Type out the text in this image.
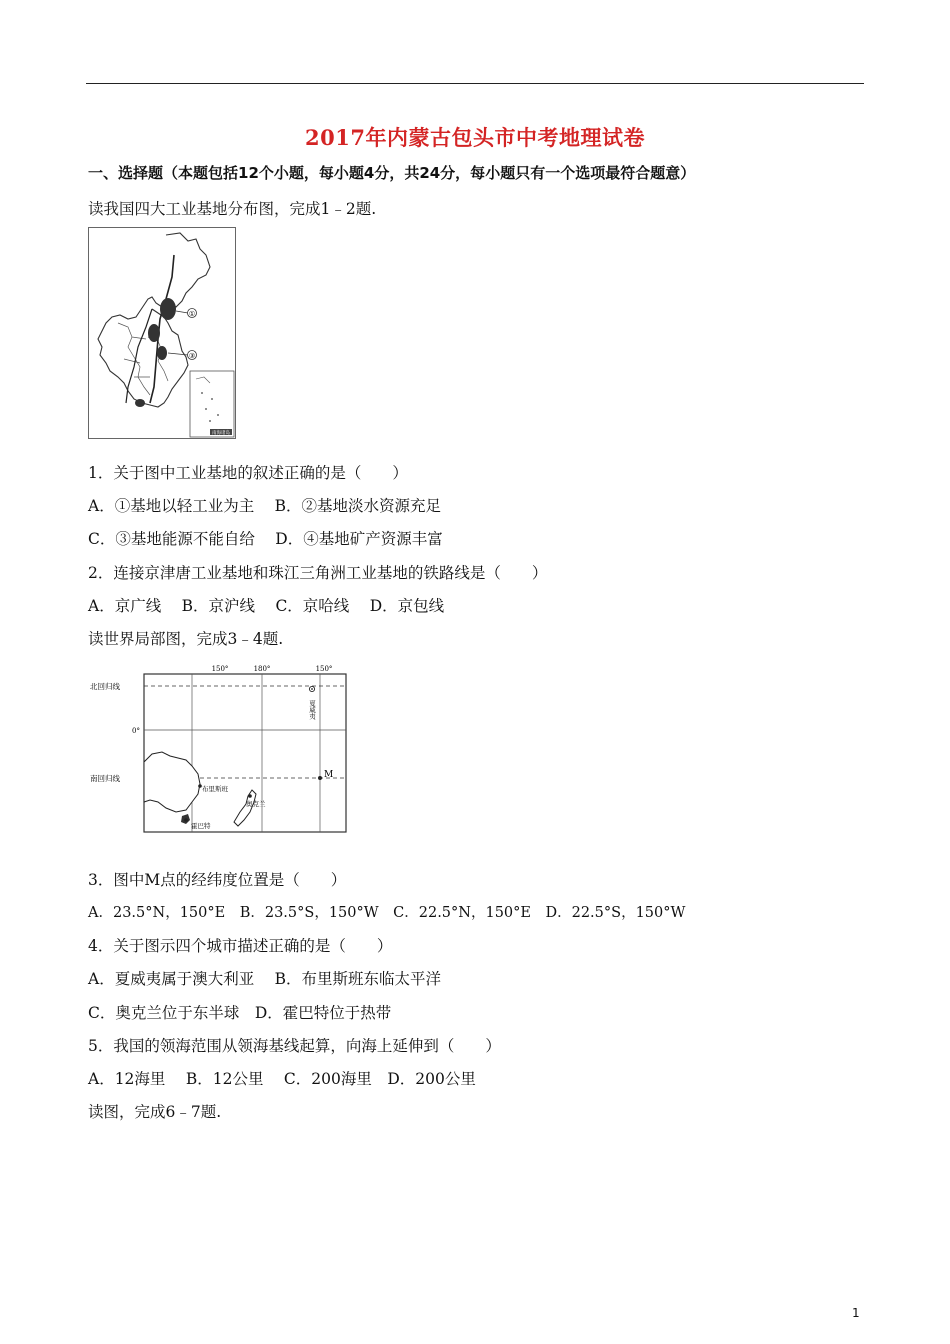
2017年内蒙古包头市中考地理试卷
一、选择题（本题包括12个小题，每小题4分，共24分，每小题只有一个选项最符合题意）
读我国四大工业基地分布图，完成1﹣2题.
①
③
南海诸岛
1．关于图中工业基地的叙述正确的是（　　）
A．①基地以轻工业为主　 B．②基地淡水资源充足
C．③基地能源不能自给　 D．④基地矿产资源丰富
2．连接京津唐工业基地和珠江三角洲工业基地的铁路线是（　　）
A．京广线　 B．京沪线　 C．京哈线　 D．京包线
读世界局部图，完成3﹣4题.
150°	180°	150°
北回归线
0°
南回归线
布里斯班
奥克兰
霍巴特
夏威夷
M
3．图中M点的经纬度位置是（　　）
A．23.5°N，150°E　B．23.5°S，150°W　C．22.5°N，150°E　D．22.5°S，150°W
4．关于图示四个城市描述正确的是（　　）
A．夏威夷属于澳大利亚　 B．布里斯班东临太平洋
C．奥克兰位于东半球　D．霍巴特位于热带
5．我国的领海范围从领海基线起算，向海上延伸到（　　）
A．12海里　 B．12公里　 C．200海里　D．200公里
读图，完成6﹣7题.
1
